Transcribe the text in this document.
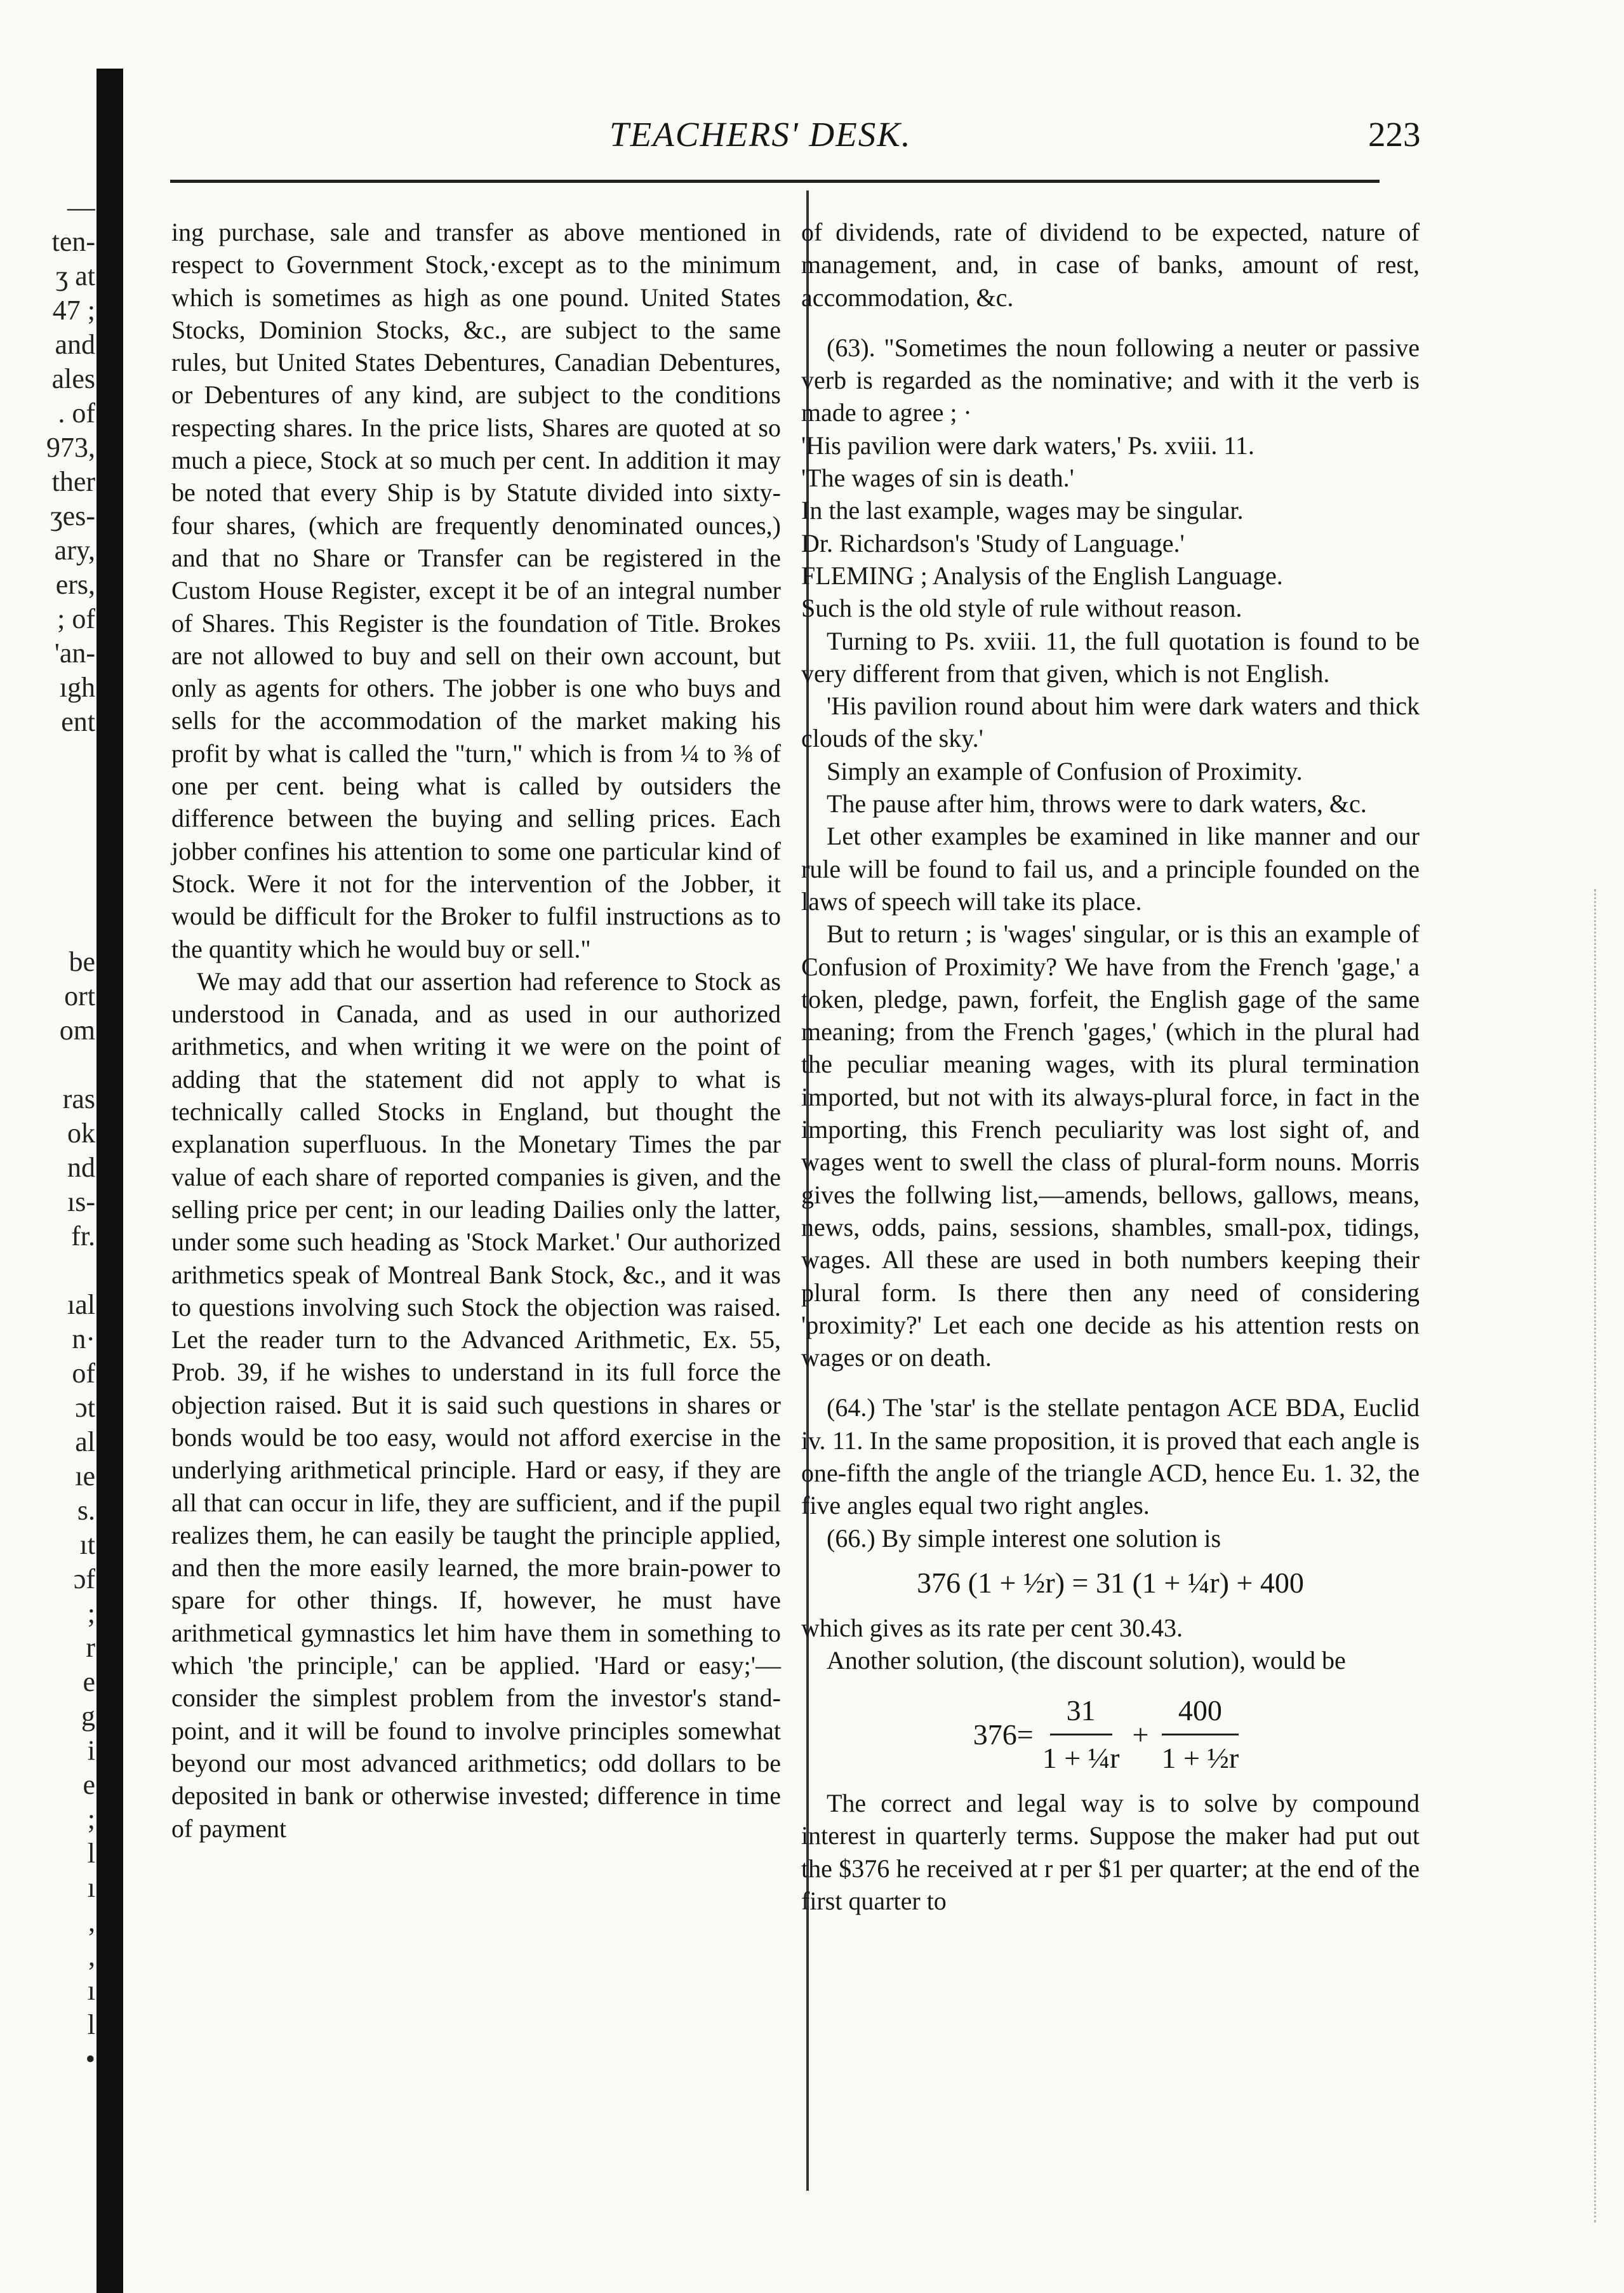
—
ten-
ʒ at
47 ;
and
ales
. of
973,
ther
ʒes-
ary,
ers,
; of
'an-
ıgh
ent

be
ort
om

ras
ok
nd
ıs-
fr.

ıal
n·
of
ɔt
al
ıe
s.
ıt
ɔf
;
r
e
g
i
e
;
l
ı
,
,
ı
l
•
TEACHERS' DESK.	223

ing purchase, sale and transfer as above mentioned in respect to Government Stock,·except as to the minimum which is sometimes as high as one pound. United States Stocks, Dominion Stocks, &c., are subject to the same rules, but United States Debentures, Canadian Debentures, or Debentures of any kind, are subject to the conditions respecting shares. In the price lists, Shares are quoted at so much a piece, Stock at so much per cent. In addition it may be noted that every Ship is by Statute divided into sixty-four shares, (which are frequently denominated ounces,) and that no Share or Transfer can be registered in the Custom House Register, except it be of an integral number of Shares. This Register is the foundation of Title. Brokes are not allowed to buy and sell on their own account, but only as agents for others. The jobber is one who buys and sells for the accommodation of the market making his profit by what is called the "turn," which is from ¼ to ⅜ of one per cent. being what is called by outsiders the difference between the buying and selling prices. Each jobber confines his attention to some one particular kind of Stock. Were it not for the intervention of the Jobber, it would be difficult for the Broker to fulfil instructions as to the quantity which he would buy or sell."

We may add that our assertion had reference to Stock as understood in Canada, and as used in our authorized arithmetics, and when writing it we were on the point of adding that the statement did not apply to what is technically called Stocks in England, but thought the explanation superfluous. In the Monetary Times the par value of each share of reported companies is given, and the selling price per cent; in our leading Dailies only the latter, under some such heading as 'Stock Market.' Our authorized arithmetics speak of Montreal Bank Stock, &c., and it was to questions involving such Stock the objection was raised. Let the reader turn to the Advanced Arithmetic, Ex. 55, Prob. 39, if he wishes to understand in its full force the objection raised. But it is said such questions in shares or bonds would be too easy, would not afford exercise in the underlying arithmetical principle. Hard or easy, if they are all that can occur in life, they are sufficient, and if the pupil realizes them, he can easily be taught the principle applied, and then the more easily learned, the more brain-power to spare for other things. If, however, he must have arithmetical gymnastics let him have them in something to which 'the principle,' can be applied. 'Hard or easy;'—consider the simplest problem from the investor's stand-point, and it will be found to involve principles somewhat beyond our most advanced arithmetics; odd dollars to be deposited in bank or otherwise invested; difference in time of payment

of dividends, rate of dividend to be expected, nature of management, and, in case of banks, amount of rest, accommodation, &c.

(63). "Sometimes the noun following a neuter or passive verb is regarded as the nominative; and with it the verb is made to agree ; ·
'His pavilion were dark waters,' Ps. xviii. 11.
'The wages of sin is death.'
In the last example, wages may be singular.
Dr. Richardson's 'Study of Language.'
FLEMING ; Analysis of the English Language.
Such is the old style of rule without reason.

Turning to Ps. xviii. 11, the full quotation is found to be very different from that given, which is not English.

'His pavilion round about him were dark waters and thick clouds of the sky.'

Simply an example of Confusion of Proximity.

The pause after him, throws were to dark waters, &c.

Let other examples be examined in like manner and our rule will be found to fail us, and a principle founded on the laws of speech will take its place.

But to return ; is 'wages' singular, or is this an example of Confusion of Proximity? We have from the French 'gage,' a token, pledge, pawn, forfeit, the English gage of the same meaning; from the French 'gages,' (which in the plural had the peculiar meaning wages, with its plural termination imported, but not with its always-plural force, in fact in the importing, this French peculiarity was lost sight of, and wages went to swell the class of plural-form nouns. Morris gives the follwing list,—amends, bellows, gallows, means, news, odds, pains, sessions, shambles, small-pox, tidings, wages. All these are used in both numbers keeping their plural form. Is there then any need of considering 'proximity?' Let each one decide as his attention rests on wages or on death.

(64.) The 'star' is the stellate pentagon ACE BDA, Euclid iv. 11. In the same proposition, it is proved that each angle is one-fifth the angle of the triangle ACD, hence Eu. 1. 32, the five angles equal two right angles.

(66.) By simple interest one solution is

376 (1 + ½r) = 31 (1 + ¼r) + 400

which gives as its rate per cent 30.43.

Another solution, (the discount solution), would be

$376= \frac{31}{\text{1 + ¼r}} + \frac{400}{\text{1 + ½r}}$

The correct and legal way is to solve by compound interest in quarterly terms. Suppose the maker had put out the $376 he received at r per $1 per quarter; at the end of the first quarter to
